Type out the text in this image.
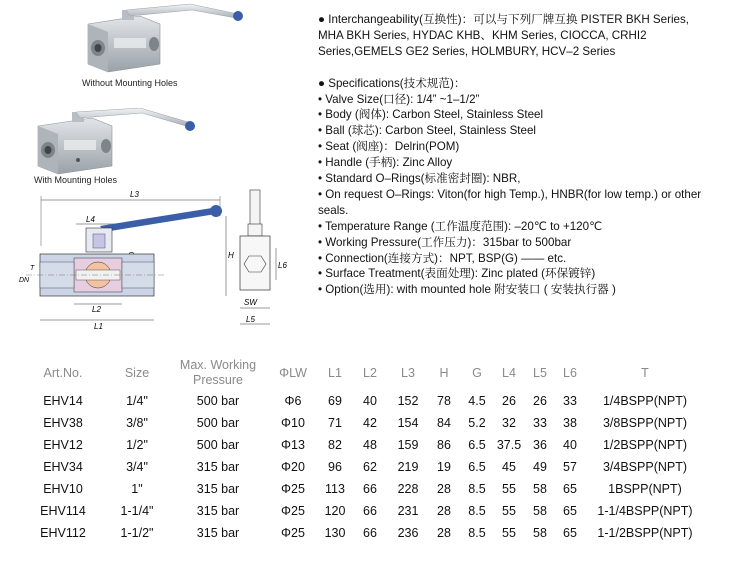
Without Mounting Holes
With Mounting Holes
L3
L4
DN
T
L2
L1
H
L6
SW
L5

● Interchangeability(互换性)：可以与下列厂牌互换 PISTER BKH Series,

MHA BKH Series, HYDAC KHB、KHM Series, CIOCCA, CRHI2

Series,GEMELS GE2 Series, HOLMBURY, HCV–2 Series

● Specifications(技术规范)：

• Valve Size(口径): 1/4” ~1–1/2”

• Body (阀体): Carbon Steel, Stainless Steel

• Ball (球芯): Carbon Steel, Stainless Steel

• Seat (阀座)：Delrin(POM)

• Handle (手柄): Zinc Alloy

• Standard O–Rings(标准密封圈): NBR,

• On request O–Rings: Viton(for high Temp.), HNBR(for low temp.) or other

seals.

• Temperature Range (工作温度范围): –20℃ to +120℃

• Working Pressure(工作压力)：315bar to 500bar

• Connection(连接方式)：NPT, BSP(G) —— etc.

• Surface Treatment(表面处理): Zinc plated (环保镀锌)

• Option(选用): with mounted hole 附安装口 ( 安装执行器 )

Art.No.	Size	Max. Working Pressure	ΦLW	L1	L2	L3	H	G	L4	L5	L6	T
EHV14	1/4"	500 bar	Φ6	69	40	152	78	4.5	26	26	33	1/4BSPP(NPT)
EHV38	3/8"	500 bar	Φ10	71	42	154	84	5.2	32	33	38	3/8BSPP(NPT)
EHV12	1/2"	500 bar	Φ13	82	48	159	86	6.5	37.5	36	40	1/2BSPP(NPT)
EHV34	3/4"	315 bar	Φ20	96	62	219	19	6.5	45	49	57	3/4BSPP(NPT)
EHV10	1"	315 bar	Φ25	113	66	228	28	8.5	55	58	65	1BSPP(NPT)
EHV114	1-1/4"	315 bar	Φ25	120	66	231	28	8.5	55	58	65	1-1/4BSPP(NPT)
EHV112	1-1/2"	315 bar	Φ25	130	66	236	28	8.5	55	58	65	1-1/2BSPP(NPT)
